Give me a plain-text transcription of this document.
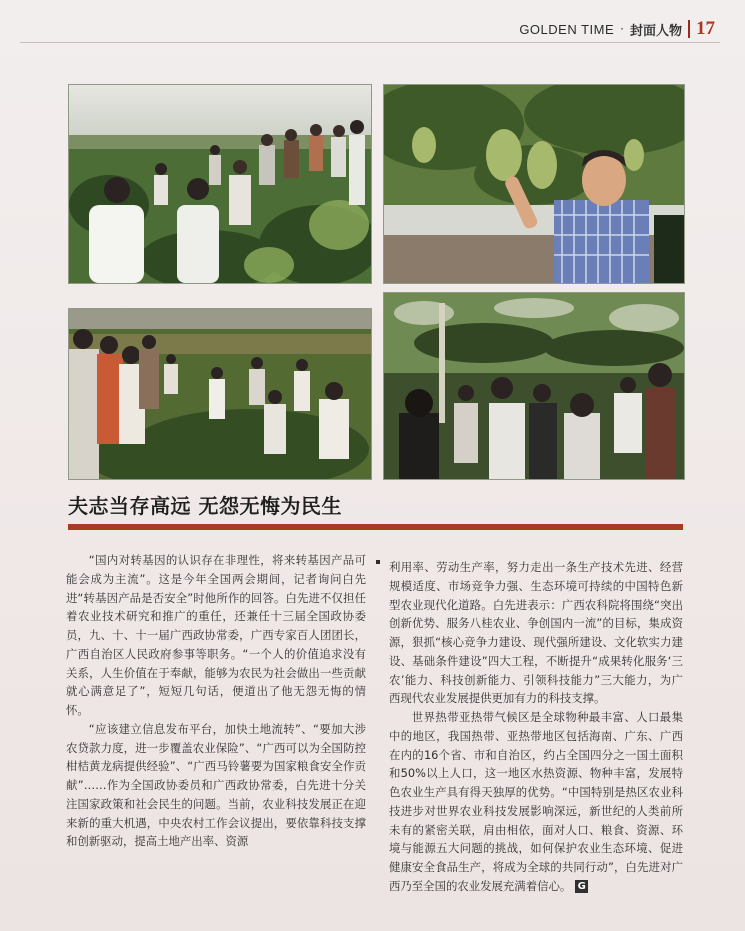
GOLDEN TIME · 封面人物 17
夫志当存高远 无怨无悔为民生

“国内对转基因的认识存在非理性，将来转基因产品可能会成为主流”。这是今年全国两会期间，记者询问白先进“转基因产品是否安全”时他所作的回答。白先进不仅担任着农业技术研究和推广的重任，还兼任十三届全国政协委员，九、十、十一届广西政协常委，广西专家百人团团长，广西自治区人民政府参事等职务。“一个人的价值追求没有关系，人生价值在于奉献，能够为农民为社会做出一些贡献就心满意足了”，短短几句话，便道出了他无怨无悔的情怀。

“应该建立信息发布平台，加快土地流转”、“要加大涉农贷款力度，进一步覆盖农业保险”、“广西可以为全国防控柑桔黄龙病提供经验”、“广西马铃薯要为国家粮食安全作贡献”……作为全国政协委员和广西政协常委，白先进十分关注国家政策和社会民生的问题。当前，农业科技发展正在迎来新的重大机遇，中央农村工作会议提出，要依靠科技支撑和创新驱动，提高土地产出率、资源

利用率、劳动生产率，努力走出一条生产技术先进、经营规模适度、市场竞争力强、生态环境可持续的中国特色新型农业现代化道路。白先进表示：广西农科院将围绕“突出创新优势、服务八桂农业、争创国内一流”的目标，集成资源，狠抓“核心竞争力建设、现代强所建设、文化软实力建设、基础条件建设”四大工程，不断提升“成果转化服务‘三农’能力、科技创新能力、引领科技能力”三大能力，为广西现代农业发展提供更加有力的科技支撑。

世界热带亚热带气候区是全球物种最丰富、人口最集中的地区，我国热带、亚热带地区包括海南、广东、广西在内的16个省、市和自治区，约占全国四分之一国土面积和50%以上人口，这一地区水热资源、物种丰富，发展特色农业生产具有得天独厚的优势。“中国特别是热区农业科技进步对世界农业科技发展影响深远，新世纪的人类前所未有的紧密关联，肩由相依，面对人口、粮食、资源、环境与能源五大问题的挑战，如何保护农业生态环境、促进健康安全食品生产，将成为全球的共同行动”，白先进对广西乃至全国的农业发展充满着信心。 G
